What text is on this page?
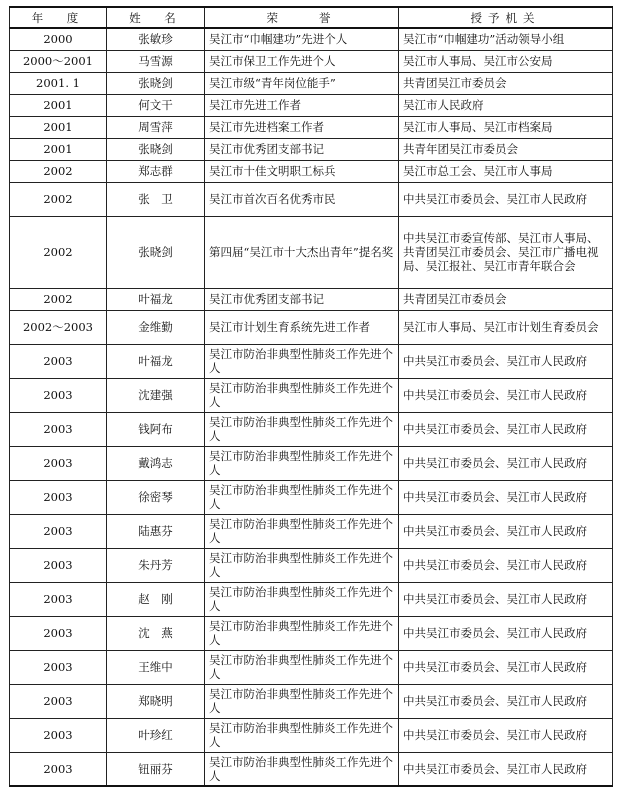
年　度	姓　名	荣　　誉	授予机关
2000	张敏珍	吴江市“巾帼建功”先进个人	吴江市“巾帼建功”活动领导小组
2000～2001	马雪源	吴江市保卫工作先进个人	吴江市人事局、吴江市公安局
2001. 1	张晓剑	吴江市级“青年岗位能手”	共青团吴江市委员会
2001	何文干	吴江市先进工作者	吴江市人民政府
2001	周雪萍	吴江市先进档案工作者	吴江市人事局、吴江市档案局
2001	张晓剑	吴江市优秀团支部书记	共青年团吴江市委员会
2002	郑志群	吴江市十佳文明职工标兵	吴江市总工会、吴江市人事局
2002	张　卫	吴江市首次百名优秀市民	中共吴江市委员会、吴江市人民政府
2002	张晓剑	第四届“吴江市十大杰出青年”提名奖	中共吴江市委宣传部、吴江市人事局、共青团吴江市委员会、吴江市广播电视局、吴江报社、吴江市青年联合会
2002	叶福龙	吴江市优秀团支部书记	共青团吴江市委员会
2002～2003	金维勤	吴江市计划生育系统先进工作者	吴江市人事局、吴江市计划生育委员会
2003	叶福龙	吴江市防治非典型性肺炎工作先进个人	中共吴江市委员会、吴江市人民政府
2003	沈建强	吴江市防治非典型性肺炎工作先进个人	中共吴江市委员会、吴江市人民政府
2003	钱阿布	吴江市防治非典型性肺炎工作先进个人	中共吴江市委员会、吴江市人民政府
2003	戴鸿志	吴江市防治非典型性肺炎工作先进个人	中共吴江市委员会、吴江市人民政府
2003	徐密琴	吴江市防治非典型性肺炎工作先进个人	中共吴江市委员会、吴江市人民政府
2003	陆惠芬	吴江市防治非典型性肺炎工作先进个人	中共吴江市委员会、吴江市人民政府
2003	朱丹芳	吴江市防治非典型性肺炎工作先进个人	中共吴江市委员会、吴江市人民政府
2003	赵　刚	吴江市防治非典型性肺炎工作先进个人	中共吴江市委员会、吴江市人民政府
2003	沈　燕	吴江市防治非典型性肺炎工作先进个人	中共吴江市委员会、吴江市人民政府
2003	王维中	吴江市防治非典型性肺炎工作先进个人	中共吴江市委员会、吴江市人民政府
2003	郑晓明	吴江市防治非典型性肺炎工作先进个人	中共吴江市委员会、吴江市人民政府
2003	叶珍红	吴江市防治非典型性肺炎工作先进个人	中共吴江市委员会、吴江市人民政府
2003	钮丽芬	吴江市防治非典型性肺炎工作先进个人	中共吴江市委员会、吴江市人民政府
